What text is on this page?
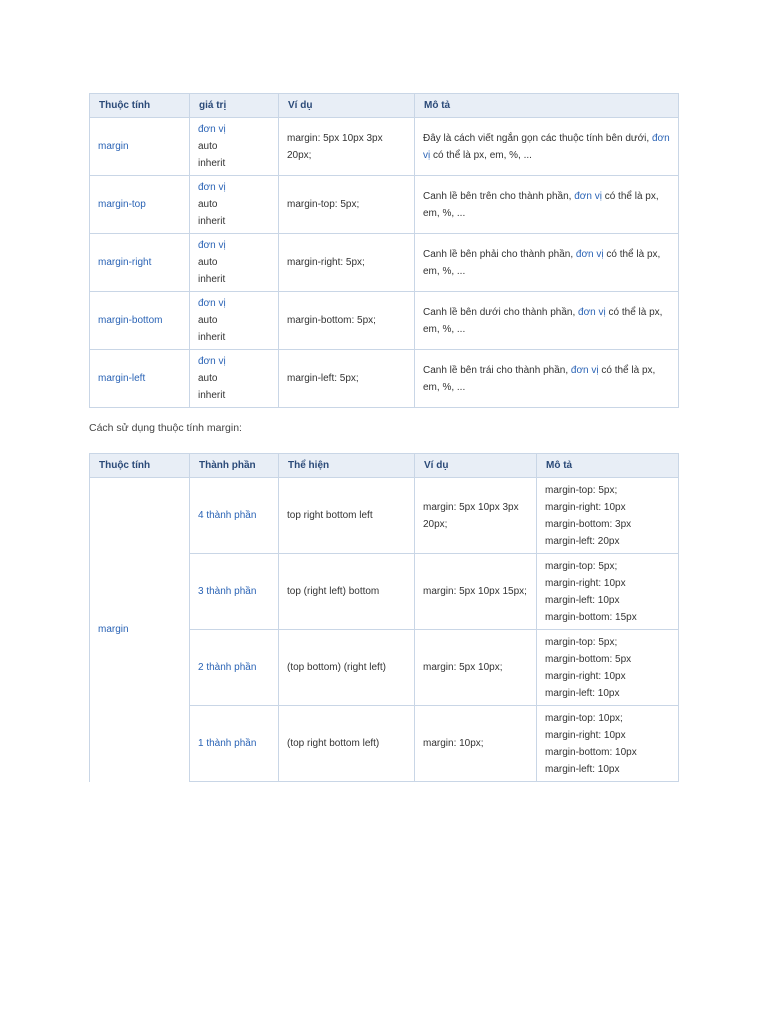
Thuộc tính	giá trị	Ví dụ	Mô tả
margin	đơn vị
auto
inherit	margin: 5px 10px 3px 20px;	Đây là cách viết ngắn gọn các thuộc tính bên dưới, đơn vị có thể là px, em, %, ...
margin-top	đơn vị
auto
inherit	margin-top: 5px;	Canh lề bên trên cho thành phần, đơn vị có thể là px, em, %, ...
margin-right	đơn vị
auto
inherit	margin-right: 5px;	Canh lề bên phải cho thành phần, đơn vị có thể là px, em, %, ...
margin-bottom	đơn vị
auto
inherit	margin-bottom: 5px;	Canh lề bên dưới cho thành phần, đơn vị có thể là px, em, %, ...
margin-left	đơn vị
auto
inherit	margin-left: 5px;	Canh lề bên trái cho thành phần, đơn vị có thể là px, em, %, ...

Cách sử dụng thuộc tính margin:

Thuộc tính	Thành phần	Thể hiện	Ví dụ	Mô tả
margin	4 thành phần	top right bottom left	margin: 5px 10px 3px 20px;	margin-top: 5px;
margin-right: 10px
margin-bottom: 3px
margin-left: 20px

	3 thành phần	top (right left) bottom	margin: 5px 10px 15px;	margin-top: 5px;
margin-right: 10px
margin-left: 10px
margin-bottom: 15px

	2 thành phần	(top bottom) (right left)	margin: 5px 10px;	margin-top: 5px;
margin-bottom: 5px
margin-right: 10px
margin-left: 10px

	1 thành phần	(top right bottom left)	margin: 10px;	margin-top: 10px;
margin-right: 10px
margin-bottom: 10px
margin-left: 10px
